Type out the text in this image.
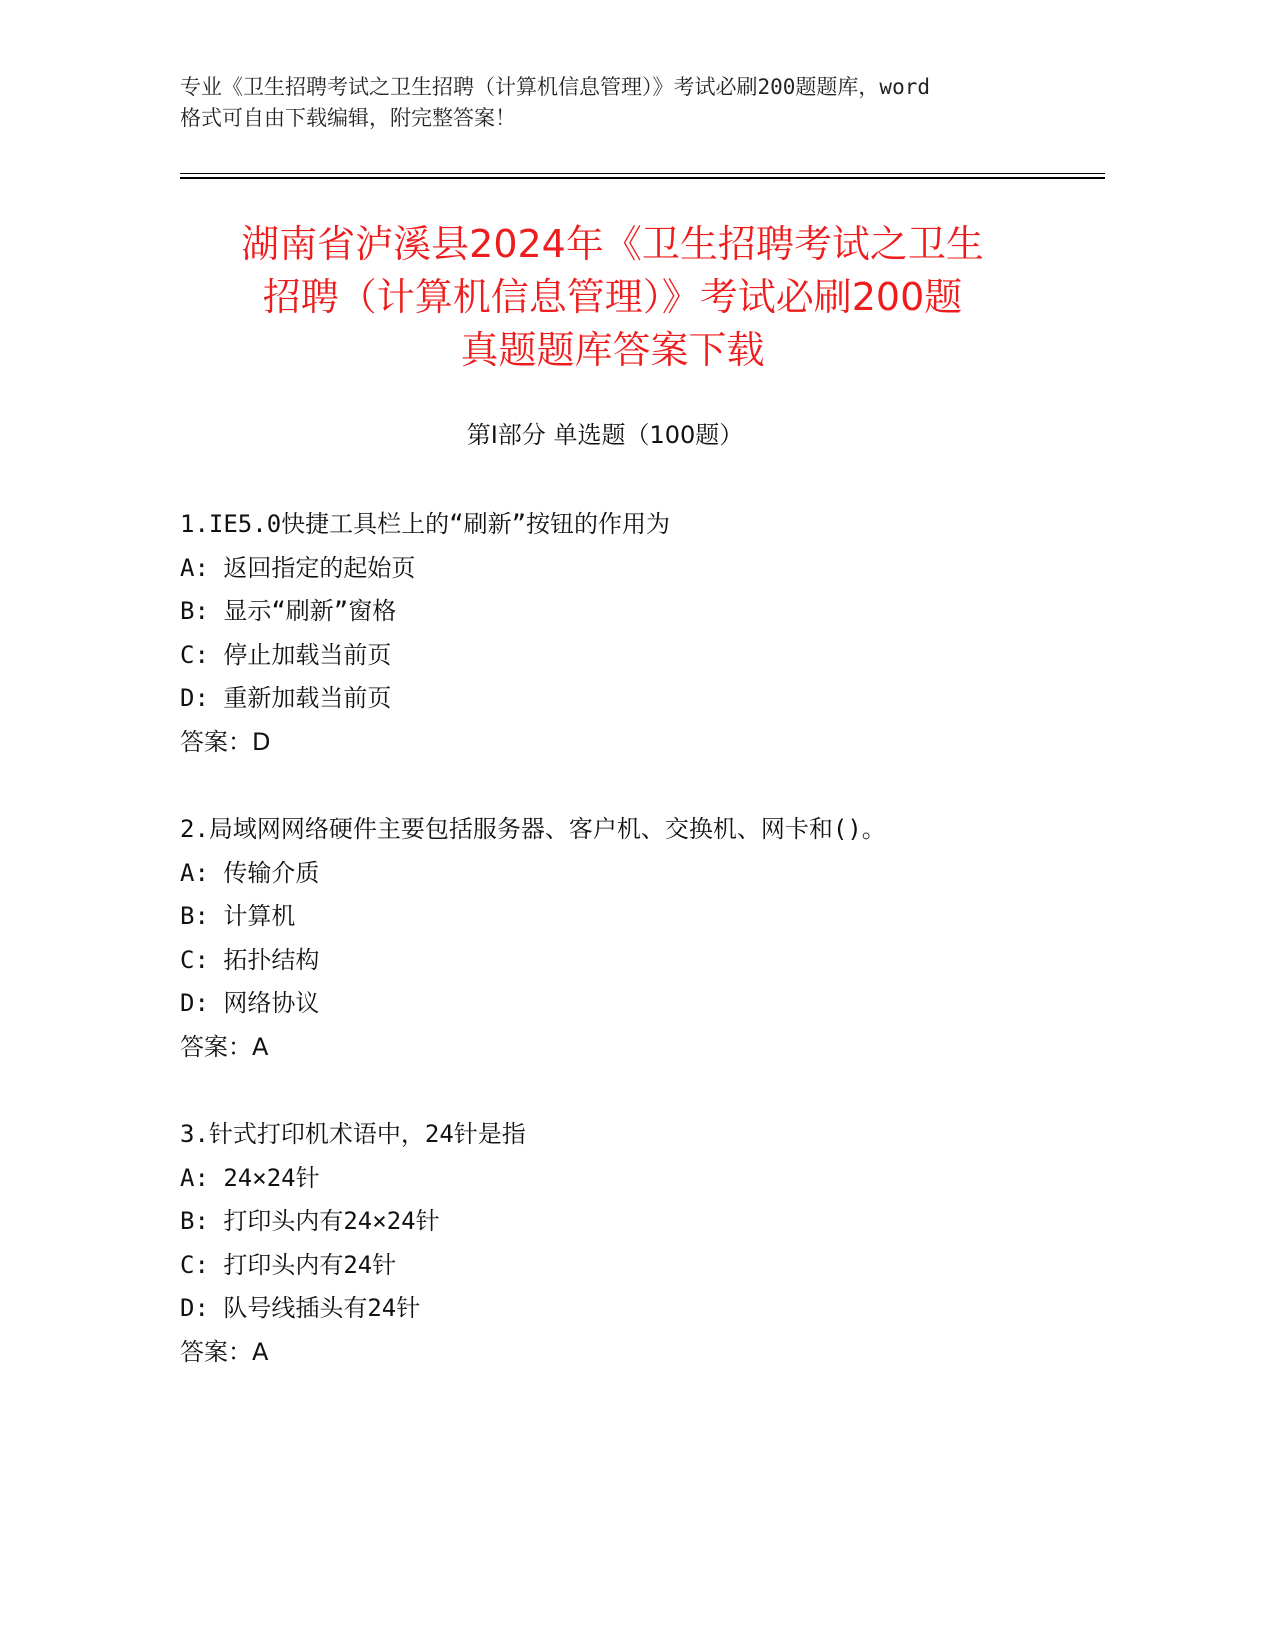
专业《卫生招聘考试之卫生招聘（计算机信息管理）》考试必刷200题题库，word
格式可自由下载编辑，附完整答案！
湖南省泸溪县2024年《卫生招聘考试之卫生
招聘（计算机信息管理）》考试必刷200题
真题题库答案下载
第Ⅰ部分 单选题（100题）
1.IE5.0快捷工具栏上的“刷新”按钮的作用为
A: 返回指定的起始页
B: 显示“刷新”窗格
C: 停止加载当前页
D: 重新加载当前页
答案：D
2.局域网网络硬件主要包括服务器、客户机、交换机、网卡和()。
A: 传输介质
B: 计算机
C: 拓扑结构
D: 网络协议
答案：A
3.针式打印机术语中，24针是指
A: 24×24针
B: 打印头内有24×24针
C: 打印头内有24针
D: 队号线插头有24针
答案：A
